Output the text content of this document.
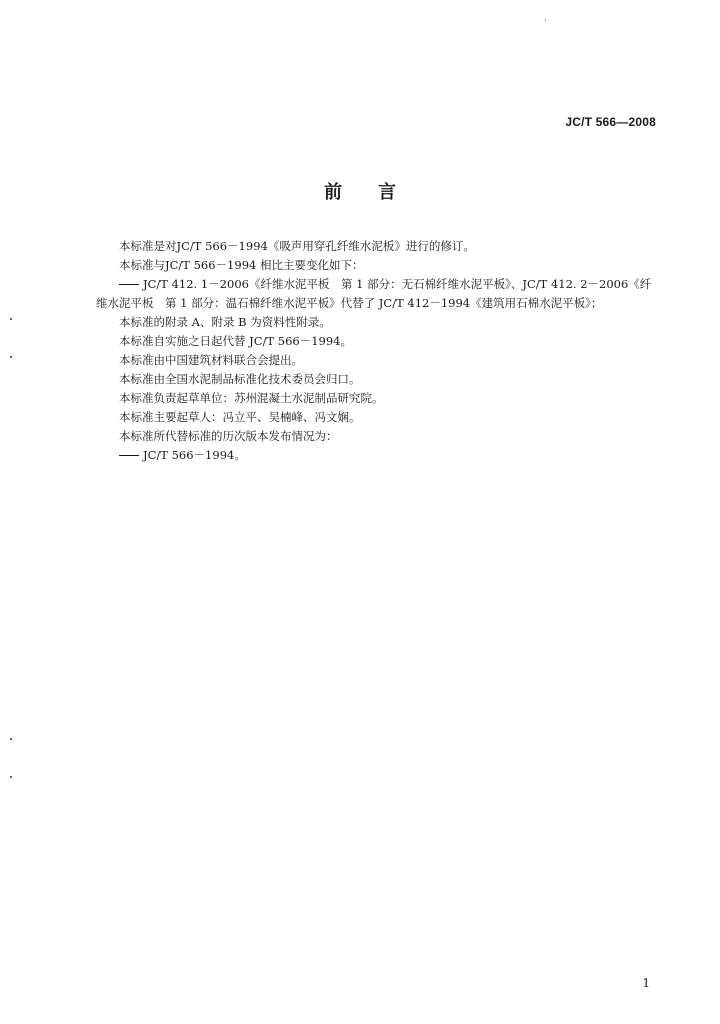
JC/T 566—2008
前言

本标准是对JC/T 566－1994《吸声用穿孔纤维水泥板》进行的修订。

本标准与JC/T 566－1994 相比主要变化如下：

JC/T 412. 1－2006《纤维水泥平板　第 1 部分：无石棉纤维水泥平板》、JC/T 412. 2－2006《纤维水泥平板　第 1 部分：温石棉纤维水泥平板》代替了 JC/T 412－1994《建筑用石棉水泥平板》；

本标准的附录 A、附录 B 为资料性附录。

本标准自实施之日起代替 JC/T 566－1994。

本标准由中国建筑材料联合会提出。

本标准由全国水泥制品标准化技术委员会归口。

本标准负责起草单位：苏州混凝土水泥制品研究院。

本标准主要起草人：冯立平、吴楠峰、冯文娴。

本标准所代替标准的历次版本发布情况为：

JC/T 566－1994。

1
